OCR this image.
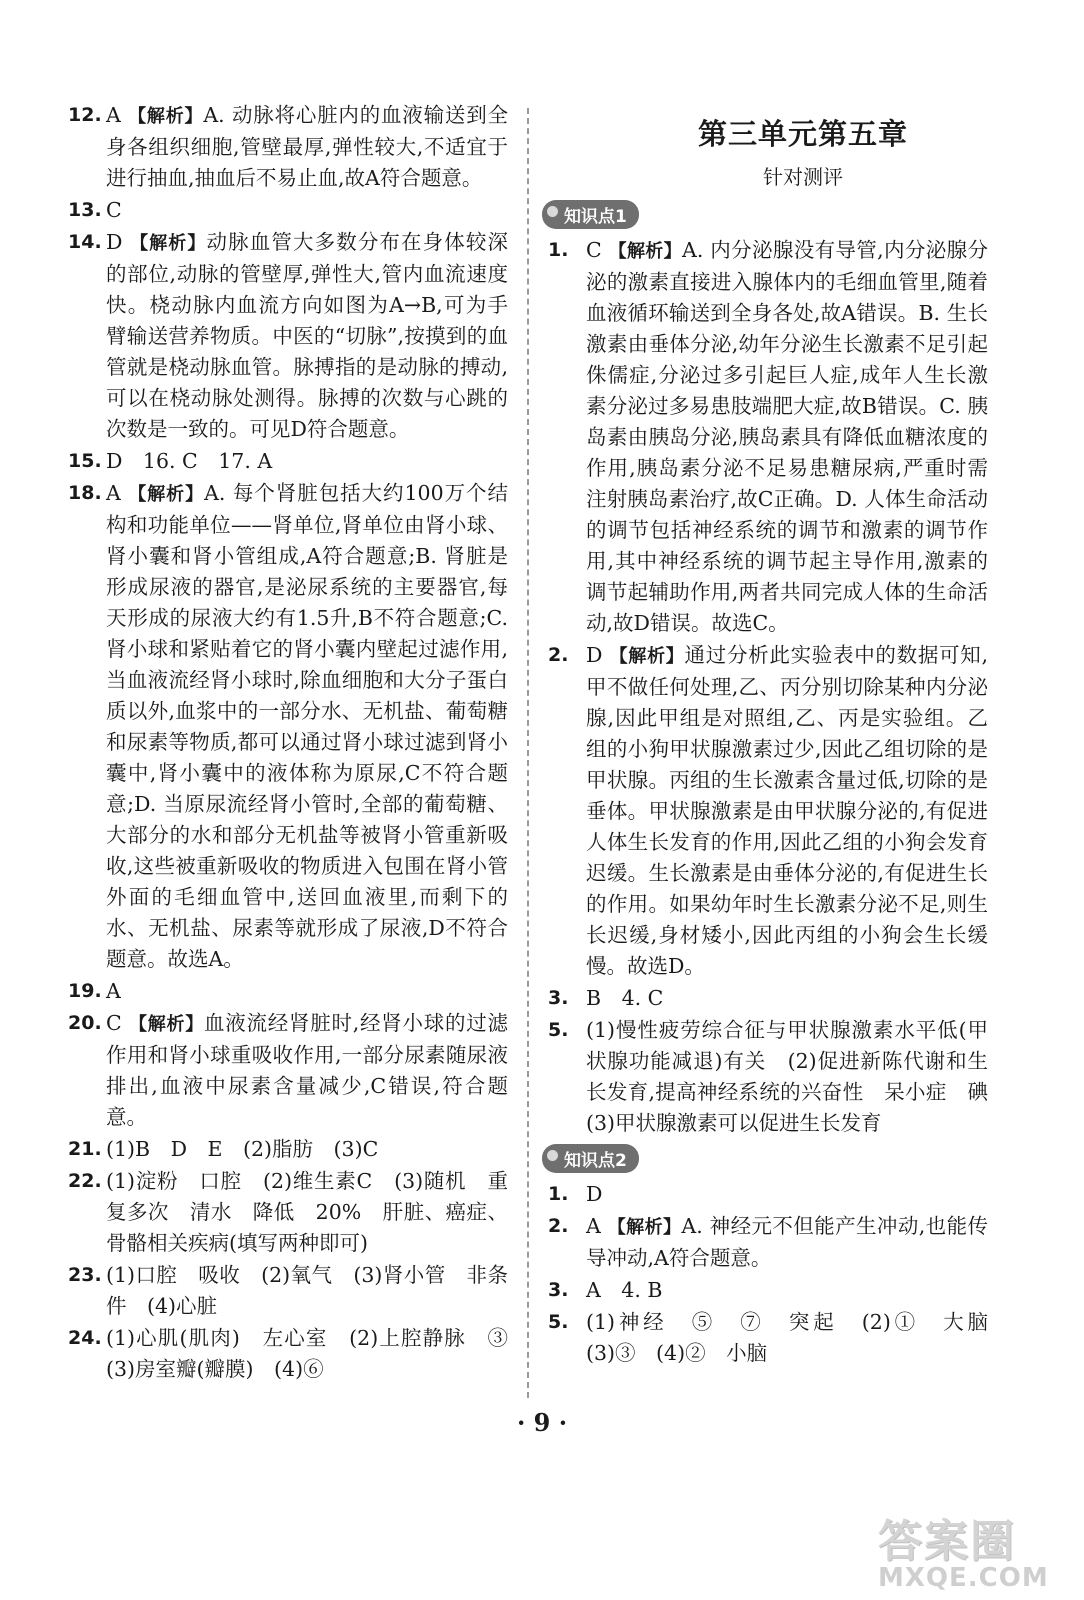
12. A 【解析】A. 动脉将心脏内的血液输送到全身各组织细胞,管壁最厚,弹性较大,不适宜于进行抽血,抽血后不易止血,故A符合题意。
13. C
14. D 【解析】动脉血管大多数分布在身体较深的部位,动脉的管壁厚,弹性大,管内血流速度快。桡动脉内血流方向如图为A→B,可为手臂输送营养物质。中医的“切脉”,按摸到的血管就是桡动脉血管。脉搏指的是动脉的搏动,可以在桡动脉处测得。脉搏的次数与心跳的次数是一致的。可见D符合题意。
15. D　16. C　17. A
18. A 【解析】A. 每个肾脏包括大约100万个结构和功能单位——肾单位,肾单位由肾小球、肾小囊和肾小管组成,A符合题意;B. 肾脏是形成尿液的器官,是泌尿系统的主要器官,每天形成的尿液大约有1.5升,B不符合题意;C. 肾小球和紧贴着它的肾小囊内壁起过滤作用,当血液流经肾小球时,除血细胞和大分子蛋白质以外,血浆中的一部分水、无机盐、葡萄糖和尿素等物质,都可以通过肾小球过滤到肾小囊中,肾小囊中的液体称为原尿,C不符合题意;D. 当原尿流经肾小管时,全部的葡萄糖、大部分的水和部分无机盐等被肾小管重新吸收,这些被重新吸收的物质进入包围在肾小管外面的毛细血管中,送回血液里,而剩下的水、无机盐、尿素等就形成了尿液,D不符合题意。故选A。
19. A
20. C 【解析】血液流经肾脏时,经肾小球的过滤作用和肾小球重吸收作用,一部分尿素随尿液排出,血液中尿素含量减少,C错误,符合题意。
21. (1)B　D　E　(2)脂肪　(3)C
22. (1)淀粉　口腔　(2)维生素C　(3)随机　重复多次　清水　降低　20%　肝脏、癌症、骨骼相关疾病(填写两种即可)
23. (1)口腔　吸收　(2)氧气　(3)肾小管　非条件　(4)心脏
24. (1)心肌(肌肉)　左心室　(2)上腔静脉　③　(3)房室瓣(瓣膜)　(4)⑥
第三单元第五章
针对测评
知识点1
1. C 【解析】A. 内分泌腺没有导管,内分泌腺分泌的激素直接进入腺体内的毛细血管里,随着血液循环输送到全身各处,故A错误。B. 生长激素由垂体分泌,幼年分泌生长激素不足引起侏儒症,分泌过多引起巨人症,成年人生长激素分泌过多易患肢端肥大症,故B错误。C. 胰岛素由胰岛分泌,胰岛素具有降低血糖浓度的作用,胰岛素分泌不足易患糖尿病,严重时需注射胰岛素治疗,故C正确。D. 人体生命活动的调节包括神经系统的调节和激素的调节作用,其中神经系统的调节起主导作用,激素的调节起辅助作用,两者共同完成人体的生命活动,故D错误。故选C。
2. D 【解析】通过分析此实验表中的数据可知,甲不做任何处理,乙、丙分别切除某种内分泌腺,因此甲组是对照组,乙、丙是实验组。乙组的小狗甲状腺激素过少,因此乙组切除的是甲状腺。丙组的生长激素含量过低,切除的是垂体。甲状腺激素是由甲状腺分泌的,有促进人体生长发育的作用,因此乙组的小狗会发育迟缓。生长激素是由垂体分泌的,有促进生长的作用。如果幼年时生长激素分泌不足,则生长迟缓,身材矮小,因此丙组的小狗会生长缓慢。故选D。
3. B　4. C
5. (1)慢性疲劳综合征与甲状腺激素水平低(甲状腺功能减退)有关　(2)促进新陈代谢和生长发育,提高神经系统的兴奋性　呆小症　碘　(3)甲状腺激素可以促进生长发育
知识点2
1. D
2. A 【解析】A. 神经元不但能产生冲动,也能传导冲动,A符合题意。
3. A　4. B
5. (1)神经　⑤　⑦　突起　(2)①　大脑　(3)③　(4)②　小脑
· 9 ·
答案圈
MXQE.COM
